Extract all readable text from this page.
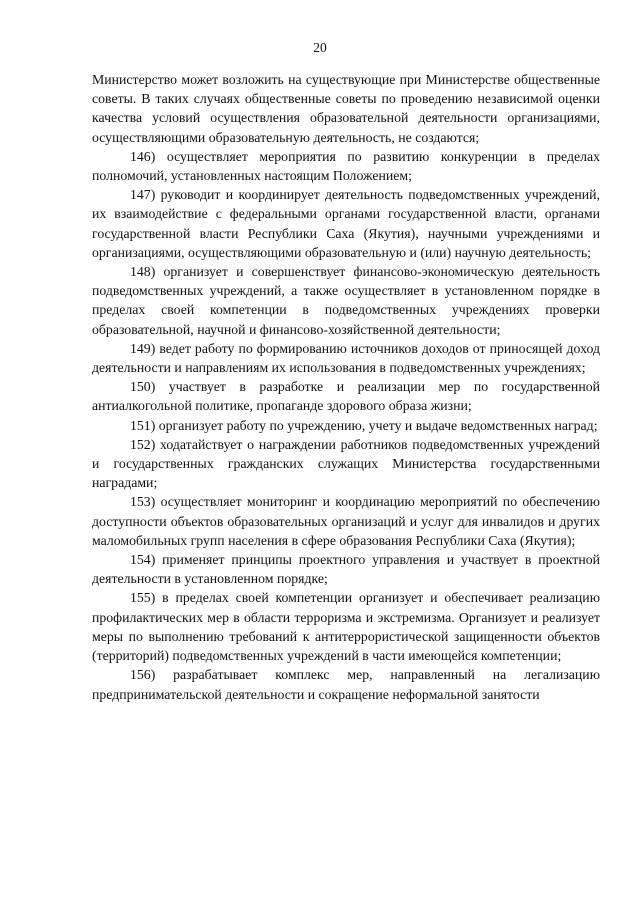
20

Министерство может возложить на существующие при Министерстве общественные советы. В таких случаях общественные советы по проведению независимой оценки качества условий осуществления образовательной деятельности организациями, осуществляющими образовательную деятельность, не создаются;

146) осуществляет мероприятия по развитию конкуренции в пределах полномочий, установленных настоящим Положением;

147) руководит и координирует деятельность подведомственных учреждений, их взаимодействие с федеральными органами государственной власти, органами государственной власти Республики Саха (Якутия), научными учреждениями и организациями, осуществляющими образовательную и (или) научную деятельность;

148) организует и совершенствует финансово-экономическую деятельность подведомственных учреждений, а также осуществляет в установленном порядке в пределах своей компетенции в подведомственных учреждениях проверки образовательной, научной и финансово-хозяйственной деятельности;

149) ведет работу по формированию источников доходов от приносящей доход деятельности и направлениям их использования в подведомственных учреждениях;

150) участвует в разработке и реализации мер по государственной антиалкогольной политике, пропаганде здорового образа жизни;

151) организует работу по учреждению, учету и выдаче ведомственных наград;

152) ходатайствует о награждении работников подведомственных учреждений и государственных гражданских служащих Министерства государственными наградами;

153) осуществляет мониторинг и координацию мероприятий по обеспечению доступности объектов образовательных организаций и услуг для инвалидов и других маломобильных групп населения в сфере образования Республики Саха (Якутия);

154) применяет принципы проектного управления и участвует в проектной деятельности в установленном порядке;

155) в пределах своей компетенции организует и обеспечивает реализацию профилактических мер в области терроризма и экстремизма. Организует и реализует меры по выполнению требований к антитеррористической защищенности объектов (территорий) подведомственных учреждений в части имеющейся компетенции;

156) разрабатывает комплекс мер, направленный на легализацию предпринимательской деятельности и сокращение неформальной занятости
